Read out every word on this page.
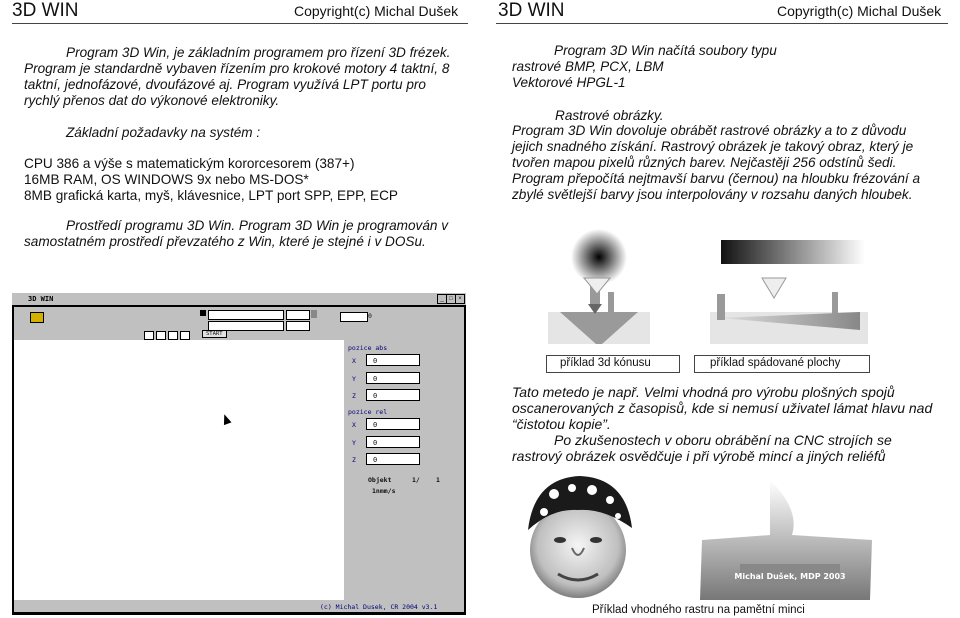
3D WIN	Copyright(c) Michal Dušek
Program 3D Win, je základním programem pro řízení 3D frézek.
Program je standardně vybaven řízením pro krokové motory 4 taktní, 8
taktní, jednofázové, dvoufázové aj. Program využívá LPT portu pro
rychlý přenos dat do výkonové elektroniky.
Základní požadavky na systém :
CPU 386 a výše s matematickým kororcesorem (387+)
16MB RAM, OS WINDOWS 9x nebo MS-DOS*
8MB grafická karta, myš, klávesnice, LPT port SPP, EPP, ECP
Prostředí programu 3D Win. Program 3D Win je programován v
samostatném prostředí převzatého z Win, které je stejné i v DOSu.
3D WIN	_ □ ×
0
START
pozice abs
X	0
Y	0
Z	0
pozice rel
X	0
Y	0
Z	0
Objekt	1/ 1
1nmm/s
(c) Michal Dusek, CR 2004 v3.1
3D WIN	Copyrigth(c) Michal Dušek
Program 3D Win načítá soubory typu
rastrové BMP, PCX, LBM
Vektorové HPGL-1
Rastrové obrázky.
Program 3D Win dovoluje obrábět rastrové obrázky a to z důvodu
jejich snadného získání. Rastrový obrázek je takový obraz, který je
tvořen mapou pixelů různých barev. Nejčastěji 256 odstínů šedi.
Program přepočítá nejtmavší barvu (černou) na hloubku frézování a
zbylé světlejší barvy jsou interpolovány v rozsahu daných hloubek.
příklad 3d kónusu	příklad spádované plochy
Tato metedo je např. Velmi vhodná pro výrobu plošných spojů
oscanerovaných z časopisů, kde si nemusí uživatel lámat hlavu nad
“čistotou kopie”.
Po zkušenostech v oboru obrábění na CNC strojích se
rastrový obrázek osvědčuje i při výrobě mincí a jiných reliéfů
Michal Dušek, MDP 2003
Příklad vhodného rastru na pamětní minci
